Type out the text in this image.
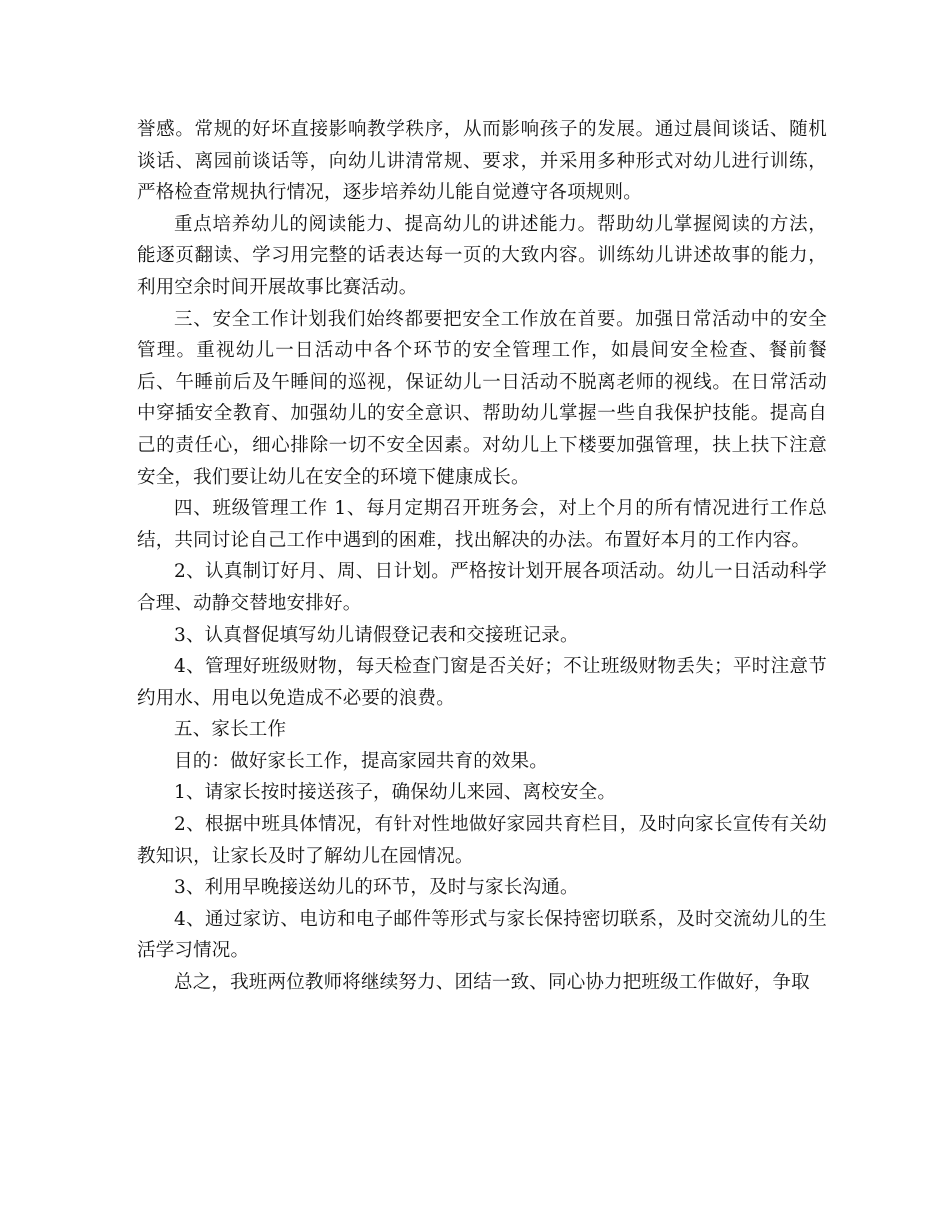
誉感。常规的好坏直接影响教学秩序，从而影响孩子的发展。通过晨间谈话、随机谈话、离园前谈话等，向幼儿讲清常规、要求，并采用多种形式对幼儿进行训练，严格检查常规执行情况，逐步培养幼儿能自觉遵守各项规则。

重点培养幼儿的阅读能力、提高幼儿的讲述能力。帮助幼儿掌握阅读的方法，能逐页翻读、学习用完整的话表达每一页的大致内容。训练幼儿讲述故事的能力，利用空余时间开展故事比赛活动。

三、安全工作计划我们始终都要把安全工作放在首要。加强日常活动中的安全管理。重视幼儿一日活动中各个环节的安全管理工作，如晨间安全检查、餐前餐后、午睡前后及午睡间的巡视，保证幼儿一日活动不脱离老师的视线。在日常活动中穿插安全教育、加强幼儿的安全意识、帮助幼儿掌握一些自我保护技能。提高自己的责任心，细心排除一切不安全因素。对幼儿上下楼要加强管理，扶上扶下注意安全，我们要让幼儿在安全的环境下健康成长。

四、班级管理工作 1、每月定期召开班务会，对上个月的所有情况进行工作总结，共同讨论自己工作中遇到的困难，找出解决的办法。布置好本月的工作内容。

2、认真制订好月、周、日计划。严格按计划开展各项活动。幼儿一日活动科学合理、动静交替地安排好。

3、认真督促填写幼儿请假登记表和交接班记录。

4、管理好班级财物，每天检查门窗是否关好；不让班级财物丢失；平时注意节约用水、用电以免造成不必要的浪费。

五、家长工作

目的：做好家长工作，提高家园共育的效果。

1、请家长按时接送孩子，确保幼儿来园、离校安全。

2、根据中班具体情况，有针对性地做好家园共育栏目，及时向家长宣传有关幼教知识，让家长及时了解幼儿在园情况。

3、利用早晚接送幼儿的环节，及时与家长沟通。

4、通过家访、电访和电子邮件等形式与家长保持密切联系，及时交流幼儿的生活学习情况。

总之，我班两位教师将继续努力、团结一致、同心协力把班级工作做好，争取
